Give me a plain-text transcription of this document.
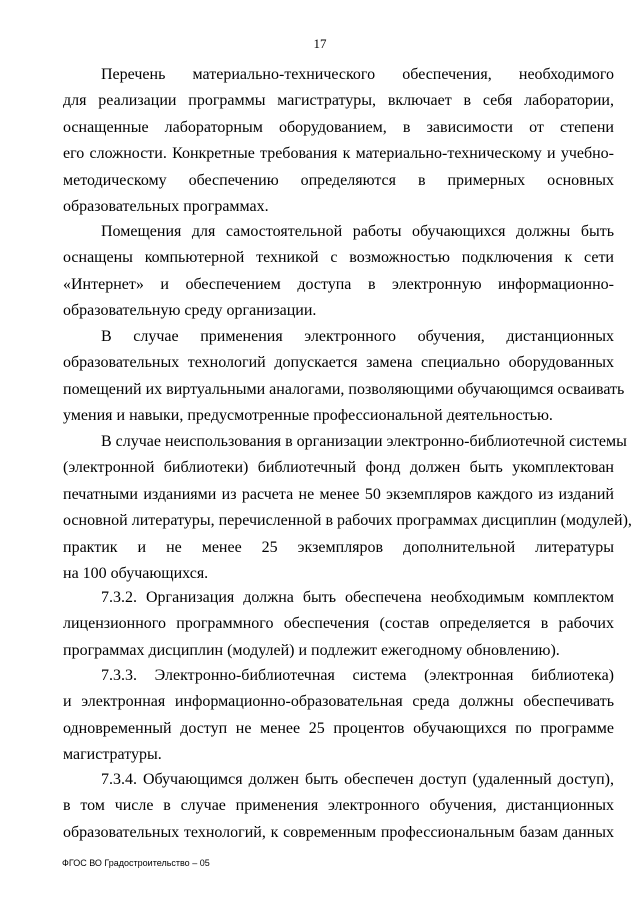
17
Перечень материально-технического обеспечения, необходимого
для реализации программы магистратуры, включает в себя лаборатории,
оснащенные лабораторным оборудованием, в зависимости от степени
его сложности. Конкретные требования к материально-техническому и учебно-
методическому обеспечению определяются в примерных основных
образовательных программах.
Помещения для самостоятельной работы обучающихся должны быть
оснащены компьютерной техникой с возможностью подключения к сети
«Интернет» и обеспечением доступа в электронную информационно-
образовательную среду организации.
В случае применения электронного обучения, дистанционных
образовательных технологий допускается замена специально оборудованных
помещений их виртуальными аналогами, позволяющими обучающимся осваивать
умения и навыки, предусмотренные профессиональной деятельностью.
В случае неиспользования в организации электронно-библиотечной системы
(электронной библиотеки) библиотечный фонд должен быть укомплектован
печатными изданиями из расчета не менее 50 экземпляров каждого из изданий
основной литературы, перечисленной в рабочих программах дисциплин (модулей),
практик и не менее 25 экземпляров дополнительной литературы
на 100 обучающихся.
7.3.2. Организация должна быть обеспечена необходимым комплектом
лицензионного программного обеспечения (состав определяется в рабочих
программах дисциплин (модулей) и подлежит ежегодному обновлению).
7.3.3. Электронно-библиотечная система (электронная библиотека)
и электронная информационно-образовательная среда должны обеспечивать
одновременный доступ не менее 25 процентов обучающихся по программе
магистратуры.
7.3.4. Обучающимся должен быть обеспечен доступ (удаленный доступ),
в том числе в случае применения электронного обучения, дистанционных
образовательных технологий, к современным профессиональным базам данных
ФГОС ВО Градостроительство – 05
